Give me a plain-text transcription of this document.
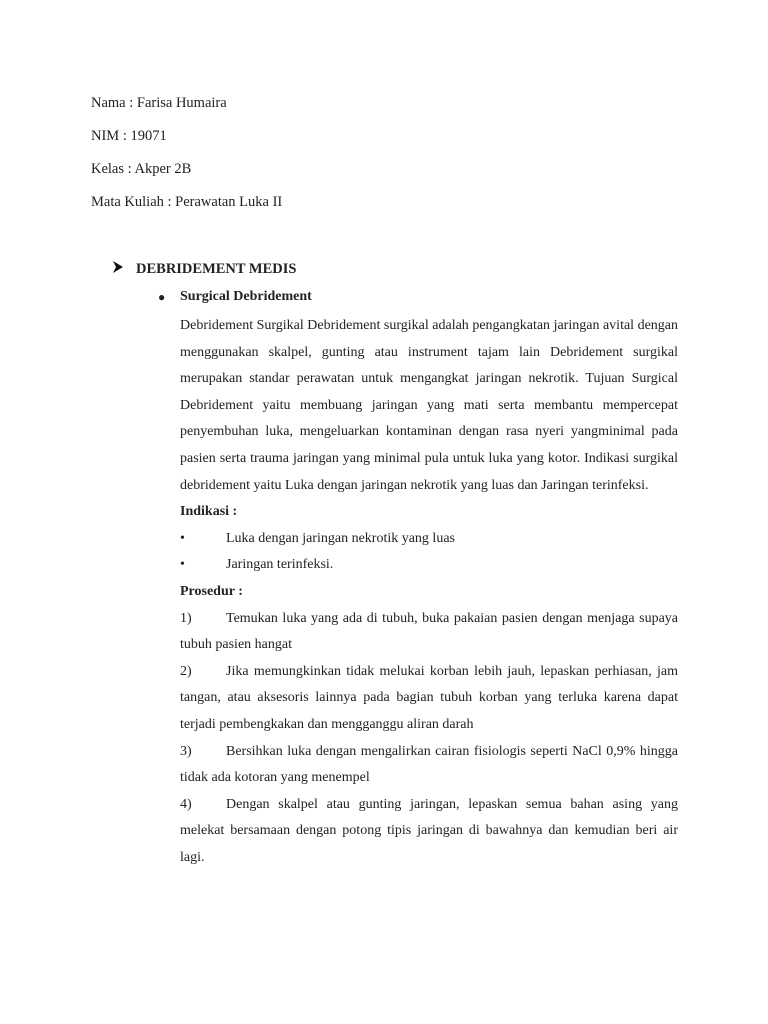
Nama : Farisa Humaira

NIM : 19071

Kelas : Akper 2B

Mata Kuliah : Perawatan Luka II

DEBRIDEMENT MEDIS
●	Surgical Debridement

Debridement Surgikal Debridement surgikal adalah pengangkatan jaringan avital dengan menggunakan skalpel, gunting atau instrument tajam lain Debridement surgikal merupakan standar perawatan untuk mengangkat jaringan nekrotik. Tujuan Surgical Debridement yaitu membuang jaringan yang mati serta membantu mempercepat penyembuhan luka, mengeluarkan kontaminan dengan rasa nyeri yangminimal pada pasien serta trauma jaringan yang minimal pula untuk luka yang kotor. Indikasi surgikal debridement yaitu Luka dengan jaringan nekrotik yang luas dan Jaringan terinfeksi.

Indikasi :

•	Luka dengan jaringan nekrotik yang luas
•	Jaringan terinfeksi.

Prosedur :

1) Temukan luka yang ada di tubuh, buka pakaian pasien dengan menjaga supaya tubuh pasien hangat

2) Jika memungkinkan tidak melukai korban lebih jauh, lepaskan perhiasan, jam tangan, atau aksesoris lainnya pada bagian tubuh korban yang terluka karena dapat terjadi pembengkakan dan mengganggu aliran darah

3) Bersihkan luka dengan mengalirkan cairan fisiologis seperti NaCl 0,9% hingga tidak ada kotoran yang menempel

4) Dengan skalpel atau gunting jaringan, lepaskan semua bahan asing yang melekat bersamaan dengan potong tipis jaringan di bawahnya dan kemudian beri air lagi.
